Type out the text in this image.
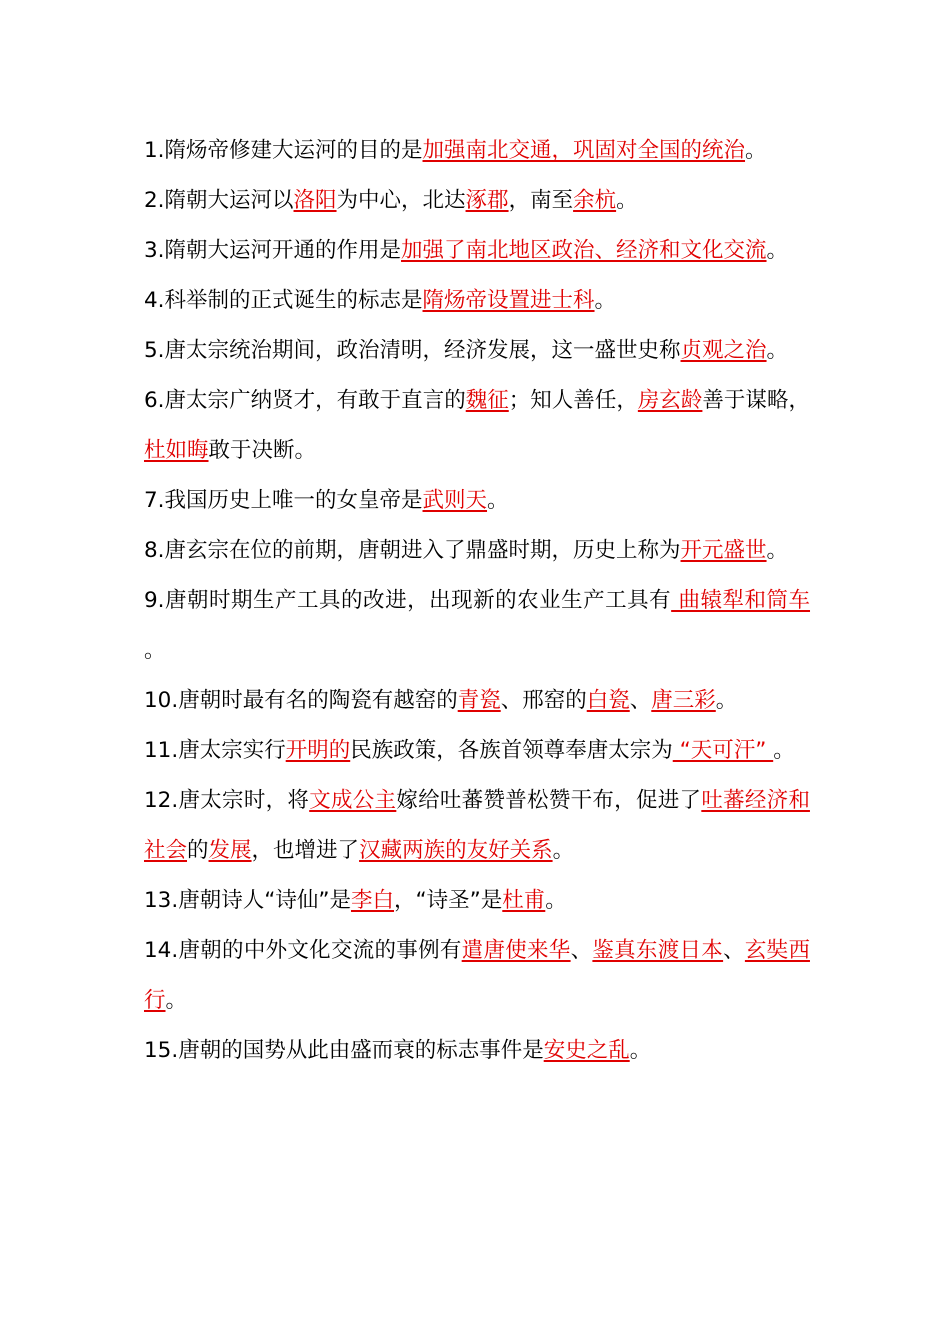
1.隋炀帝修建大运河的目的是加强南北交通，巩固对全国的统治。
2.隋朝大运河以洛阳为中心，北达涿郡，南至余杭。
3.隋朝大运河开通的作用是加强了南北地区政治、经济和文化交流。
4.科举制的正式诞生的标志是隋炀帝设置进士科。
5.唐太宗统治期间，政治清明，经济发展，这一盛世史称贞观之治。
6.唐太宗广纳贤才，有敢于直言的魏征；知人善任，房玄龄善于谋略，杜如晦敢于决断。
7.我国历史上唯一的女皇帝是武则天。
8.唐玄宗在位的前期，唐朝进入了鼎盛时期，历史上称为开元盛世。
9.唐朝时期生产工具的改进，出现新的农业生产工具有 曲辕犁和筒车 。
10.唐朝时最有名的陶瓷有越窑的青瓷、邢窑的白瓷、唐三彩。
11.唐太宗实行开明的民族政策，各族首领尊奉唐太宗为 “天可汗” 。
12.唐太宗时，将文成公主嫁给吐蕃赞普松赞干布，促进了吐蕃经济和社会的发展，也增进了汉藏两族的友好关系。
13.唐朝诗人“诗仙”是李白，“诗圣”是杜甫。
14.唐朝的中外文化交流的事例有遣唐使来华、鉴真东渡日本、玄奘西行。
15.唐朝的国势从此由盛而衰的标志事件是安史之乱。
